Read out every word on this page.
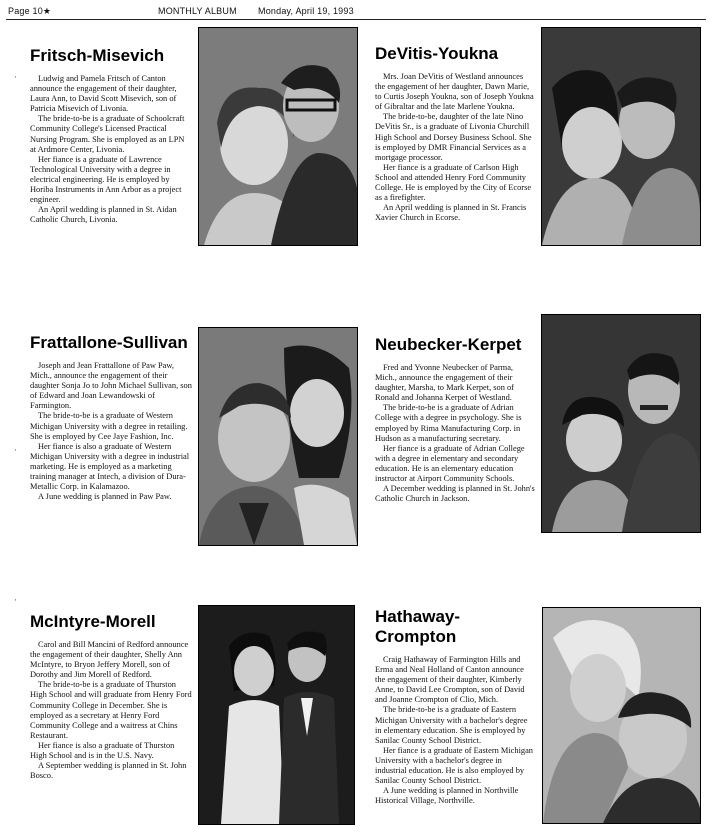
Page 10★	MONTHLY ALBUM Monday, April 19, 1993
Fritsch-Misevich

Ludwig and Pamela Fritsch of Canton announce the engagement of their daughter, Laura Ann, to David Scott Misevich, son of Patricia Misevich of Livonia.

The bride-to-be is a graduate of Schoolcraft Community College's Licensed Practical Nursing Program. She is employed as an LPN at Ardmore Center, Livonia.

Her fiance is a graduate of Lawrence Technological University with a degree in electrical engineering. He is employed by Horiba Instruments in Ann Arbor as a project engineer.

An April wedding is planned in St. Aidan Catholic Church, Livonia.

DeVitis-Youkna

Mrs. Joan DeVitis of Westland announces the engagement of her daughter, Dawn Marie, to Curtis Joseph Youkna, son of Joseph Youkna of Gibraltar and the late Marlene Youkna.

The bride-to-be, daughter of the late Nino DeVitis Sr., is a graduate of Livonia Churchill High School and Dorsey Business School. She is employed by DMR Financial Services as a mortgage processor.

Her fiance is a graduate of Carlson High School and attended Henry Ford Community College. He is employed by the City of Ecorse as a firefighter.

An April wedding is planned in St. Francis Xavier Church in Ecorse.

Frattallone-Sullivan

Joseph and Jean Frattallone of Paw Paw, Mich., announce the engagement of their daughter Sonja Jo to John Michael Sullivan, son of Edward and Joan Lewandowski of Farmington.

The bride-to-be is a graduate of Western Michigan University with a degree in retailing. She is employed by Cee Jaye Fashion, Inc.

Her fiance is also a graduate of Western Michigan University with a degree in industrial marketing. He is employed as a marketing training manager at Intech, a division of Dura-Metallic Corp. in Kalamazoo.

A June wedding is planned in Paw Paw.

Neubecker-Kerpet

Fred and Yvonne Neubecker of Parma, Mich., announce the engagement of their daughter, Marsha, to Mark Kerpet, son of Ronald and Johanna Kerpet of Westland.

The bride-to-be is a graduate of Adrian College with a degree in psychology. She is employed by Rima Manufacturing Corp. in Hudson as a manufacturing secretary.

Her fiance is a graduate of Adrian College with a degree in elementary and secondary education. He is an elementary education instructor at Airport Community Schools.

A December wedding is planned in St. John's Catholic Church in Jackson.

McIntyre-Morell

Carol and Bill Mancini of Redford announce the engagement of their daughter, Shelly Ann McIntyre, to Bryon Jeffery Morell, son of Dorothy and Jim Morell of Redford.

The bride-to-be is a graduate of Thurston High School and will graduate from Henry Ford Community College in December. She is employed as a secretary at Henry Ford Community College and a waitress at Chins Restaurant.

Her fiance is also a graduate of Thurston High School and is in the U.S. Navy.

A September wedding is planned in St. John Bosco.

Hathaway-Crompton

Craig Hathaway of Farmington Hills and Erma and Neal Holland of Canton announce the engagement of their daughter, Kimberly Anne, to David Lee Crompton, son of David and Joanne Crompton of Clio, Mich.

The bride-to-be is a graduate of Eastern Michigan University with a bachelor's degree in elementary education. She is employed by Sanilac County School District.

Her fiance is a graduate of Eastern Michigan University with a bachelor's degree in industrial education. He is also employed by Sanilac County School District.

A June wedding is planned in Northville Historical Village, Northville.

·
·
·
